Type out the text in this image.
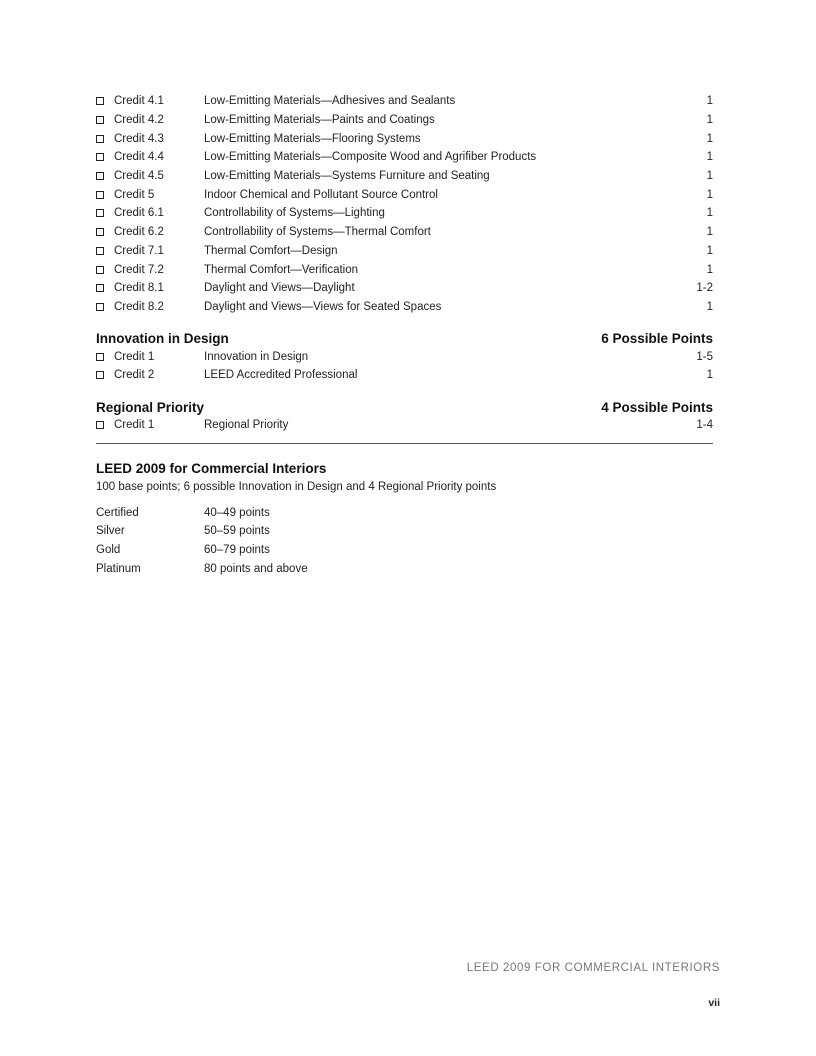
Credit 4.1	Low-Emitting Materials—Adhesives and Sealants	1
Credit 4.2	Low-Emitting Materials—Paints and Coatings	1
Credit 4.3	Low-Emitting Materials—Flooring Systems	1
Credit 4.4	Low-Emitting Materials—Composite Wood and Agrifiber Products	1
Credit 4.5	Low-Emitting Materials—Systems Furniture and Seating	1
Credit 5	Indoor Chemical and Pollutant Source Control	1
Credit 6.1	Controllability of Systems—Lighting	1
Credit 6.2	Controllability of Systems—Thermal Comfort	1
Credit 7.1	Thermal Comfort—Design	1
Credit 7.2	Thermal Comfort—Verification	1
Credit 8.1	Daylight and Views—Daylight	1-2
Credit 8.2	Daylight and Views—Views for Seated Spaces	1
Innovation in Design	6 Possible Points
Credit 1	Innovation in Design	1-5
Credit 2	LEED Accredited Professional	1
Regional Priority	4 Possible Points
Credit 1	Regional Priority	1-4
LEED 2009 for Commercial Interiors
100 base points; 6 possible Innovation in Design and 4 Regional Priority points
Certified	40–49 points
Silver	50–59 points
Gold	60–79 points
Platinum	80 points and above
LEED 2009 FOR COMMERCIAL INTERIORS
vii
